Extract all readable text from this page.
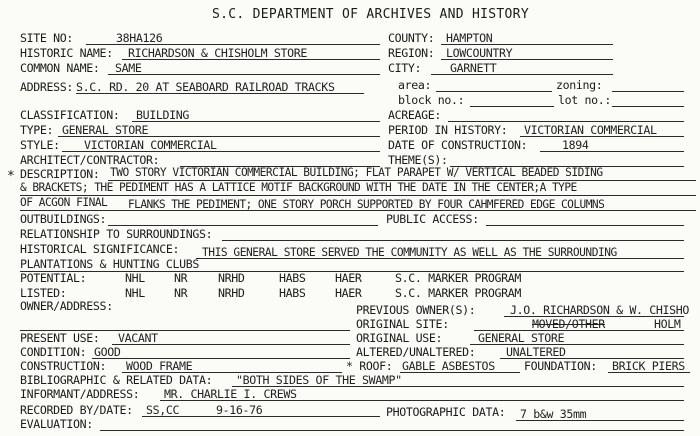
S.C. DEPARTMENT OF ARCHIVES AND HISTORY
SITE NO:	38HA126
HISTORIC NAME: RICHARDSON & CHISHOLM STORE
COMMON NAME: SAME
ADDRESS: S.C. RD. 20 AT SEABOARD RAILROAD TRACKS
COUNTY: HAMPTON
REGION: LOWCOUNTRY
CITY: GARNETT
area:	zoning:
block no.:	lot no.:
CLASSIFICATION: BUILDING
TYPE: GENERAL STORE
STYLE: VICTORIAN COMMERCIAL
ARCHITECT/CONTRACTOR:
ACREAGE:
PERIOD IN HISTORY: VICTORIAN COMMERCIAL
DATE OF CONSTRUCTION:	1894
THEME(S):
* DESCRIPTION: TWO STORY VICTORIAN COMMERCIAL BUILDING; FLAT PARAPET W/ VERTICAL BEADED SIDING
& BRACKETS; THE PEDIMENT HAS A LATTICE MOTIF BACKGROUND WITH THE DATE IN THE CENTER;A TYPE
OF ACGON FINAL FLANKS THE PEDIMENT; ONE STORY PORCH SUPPORTED BY FOUR CAHMFERED EDGE COLUMNS
OUTBUILDINGS:	PUBLIC ACCESS:
RELATIONSHIP TO SURROUNDINGS:
HISTORICAL SIGNIFICANCE: THIS GENERAL STORE SERVED THE COMMUNITY AS WELL AS THE SURROUNDING
PLANTATIONS & HUNTING CLUBS
POTENTIAL:	NHL	NR	NRHD	HABS	HAER	S.C. MARKER PROGRAM
LISTED:	NHL	NR	NRHD	HABS	HAER	S.C. MARKER PROGRAM
OWNER/ADDRESS:	PREVIOUS OWNER(S):	J.O. RICHARDSON & W. CHISHO
ORIGINAL SITE:	MOVED/OTHER	HOLM
ORIGINAL USE:	GENERAL STORE
PRESENT USE: VACANT
CONDITION: GOOD	ALTERED/UNALTERED:	UNALTERED
CONSTRUCTION: WOOD FRAME	* ROOF: GABLE ASBESTOS	FOUNDATION: BRICK PIERS
BIBLIOGRAPHIC & RELATED DATA: "BOTH SIDES OF THE SWAMP"
INFORMANT/ADDRESS: MR. CHARLIE I. CREWS
RECORDED BY/DATE: SS,CC	9-16-76	PHOTOGRAPHIC DATA: 7 b&w 35mm
EVALUATION:
